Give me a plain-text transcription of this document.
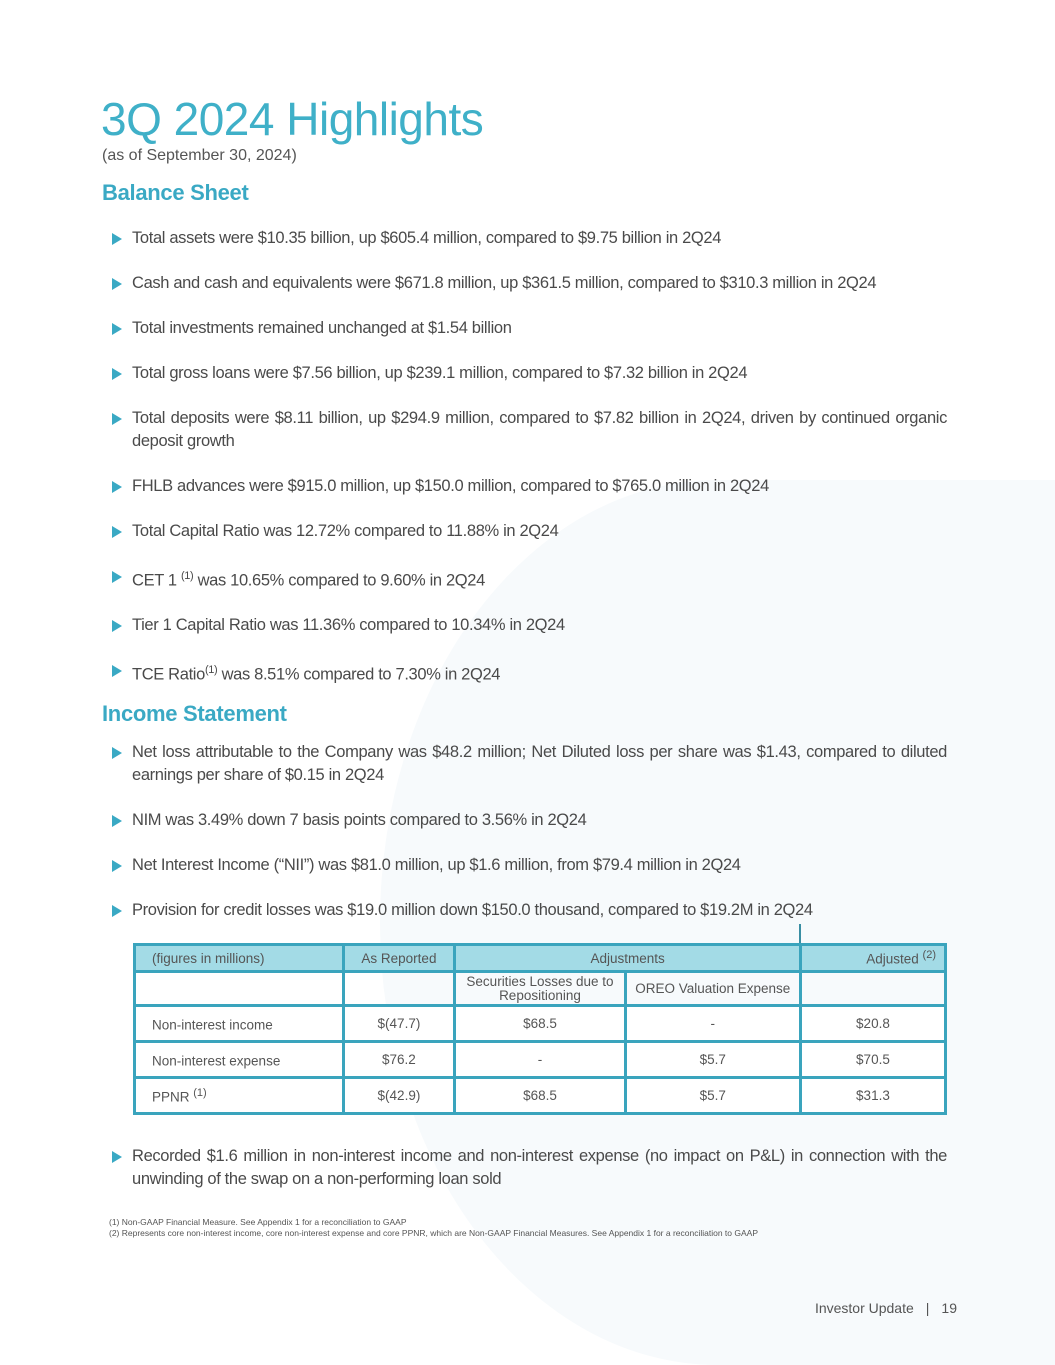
3Q 2024 Highlights
(as of September 30, 2024)
Balance Sheet
Total assets were $10.35 billion, up $605.4 million, compared to $9.75 billion in 2Q24
Cash and cash and equivalents were $671.8 million, up $361.5 million, compared to $310.3 million in 2Q24
Total investments remained unchanged at $1.54 billion
Total gross loans were $7.56 billion, up $239.1 million, compared to $7.32 billion in 2Q24
Total deposits were $8.11 billion, up $294.9 million, compared to $7.82 billion in 2Q24, driven by continued organic deposit growth
FHLB advances were $915.0 million, up $150.0 million, compared to $765.0 million in 2Q24
Total Capital Ratio was 12.72% compared to 11.88% in 2Q24
CET 1 $^{(1)}$ was 10.65% compared to 9.60% in 2Q24
Tier 1 Capital Ratio was 11.36% compared to 10.34% in 2Q24
TCE Ratio$^{(1)}$ was 8.51% compared to 7.30% in 2Q24
Income Statement
Net loss attributable to the Company was $48.2 million; Net Diluted loss per share was $1.43, compared to diluted earnings per share of $0.15 in 2Q24
NIM was 3.49% down 7 basis points compared to 3.56% in 2Q24
Net Interest Income (“NII”) was $81.0 million, up $1.6 million, from $79.4 million in 2Q24
Provision for credit losses was $19.0 million down $150.0 thousand, compared to $19.2M in 2Q24
(figures in millions)	As Reported	Adjustments		Adjusted $^{(2)}$
		Securities Losses due to Repositioning	OREO Valuation Expense	
Non-interest income	$(47.7)	$68.5	-	$20.8
Non-interest expense	$76.2	-	$5.7	$70.5
PPNR $^{(1)}$	$(42.9)	$68.5	$5.7	$31.3
Recorded $1.6 million in non-interest income and non-interest expense (no impact on P&L) in connection with the unwinding of the swap on a non-performing loan sold
(1) Non-GAAP Financial Measure. See Appendix 1 for a reconciliation to GAAP
(2) Represents core non-interest income, core non-interest expense and core PPNR, which are Non-GAAP Financial Measures. See Appendix 1 for a reconciliation to GAAP
Investor Update | 19
